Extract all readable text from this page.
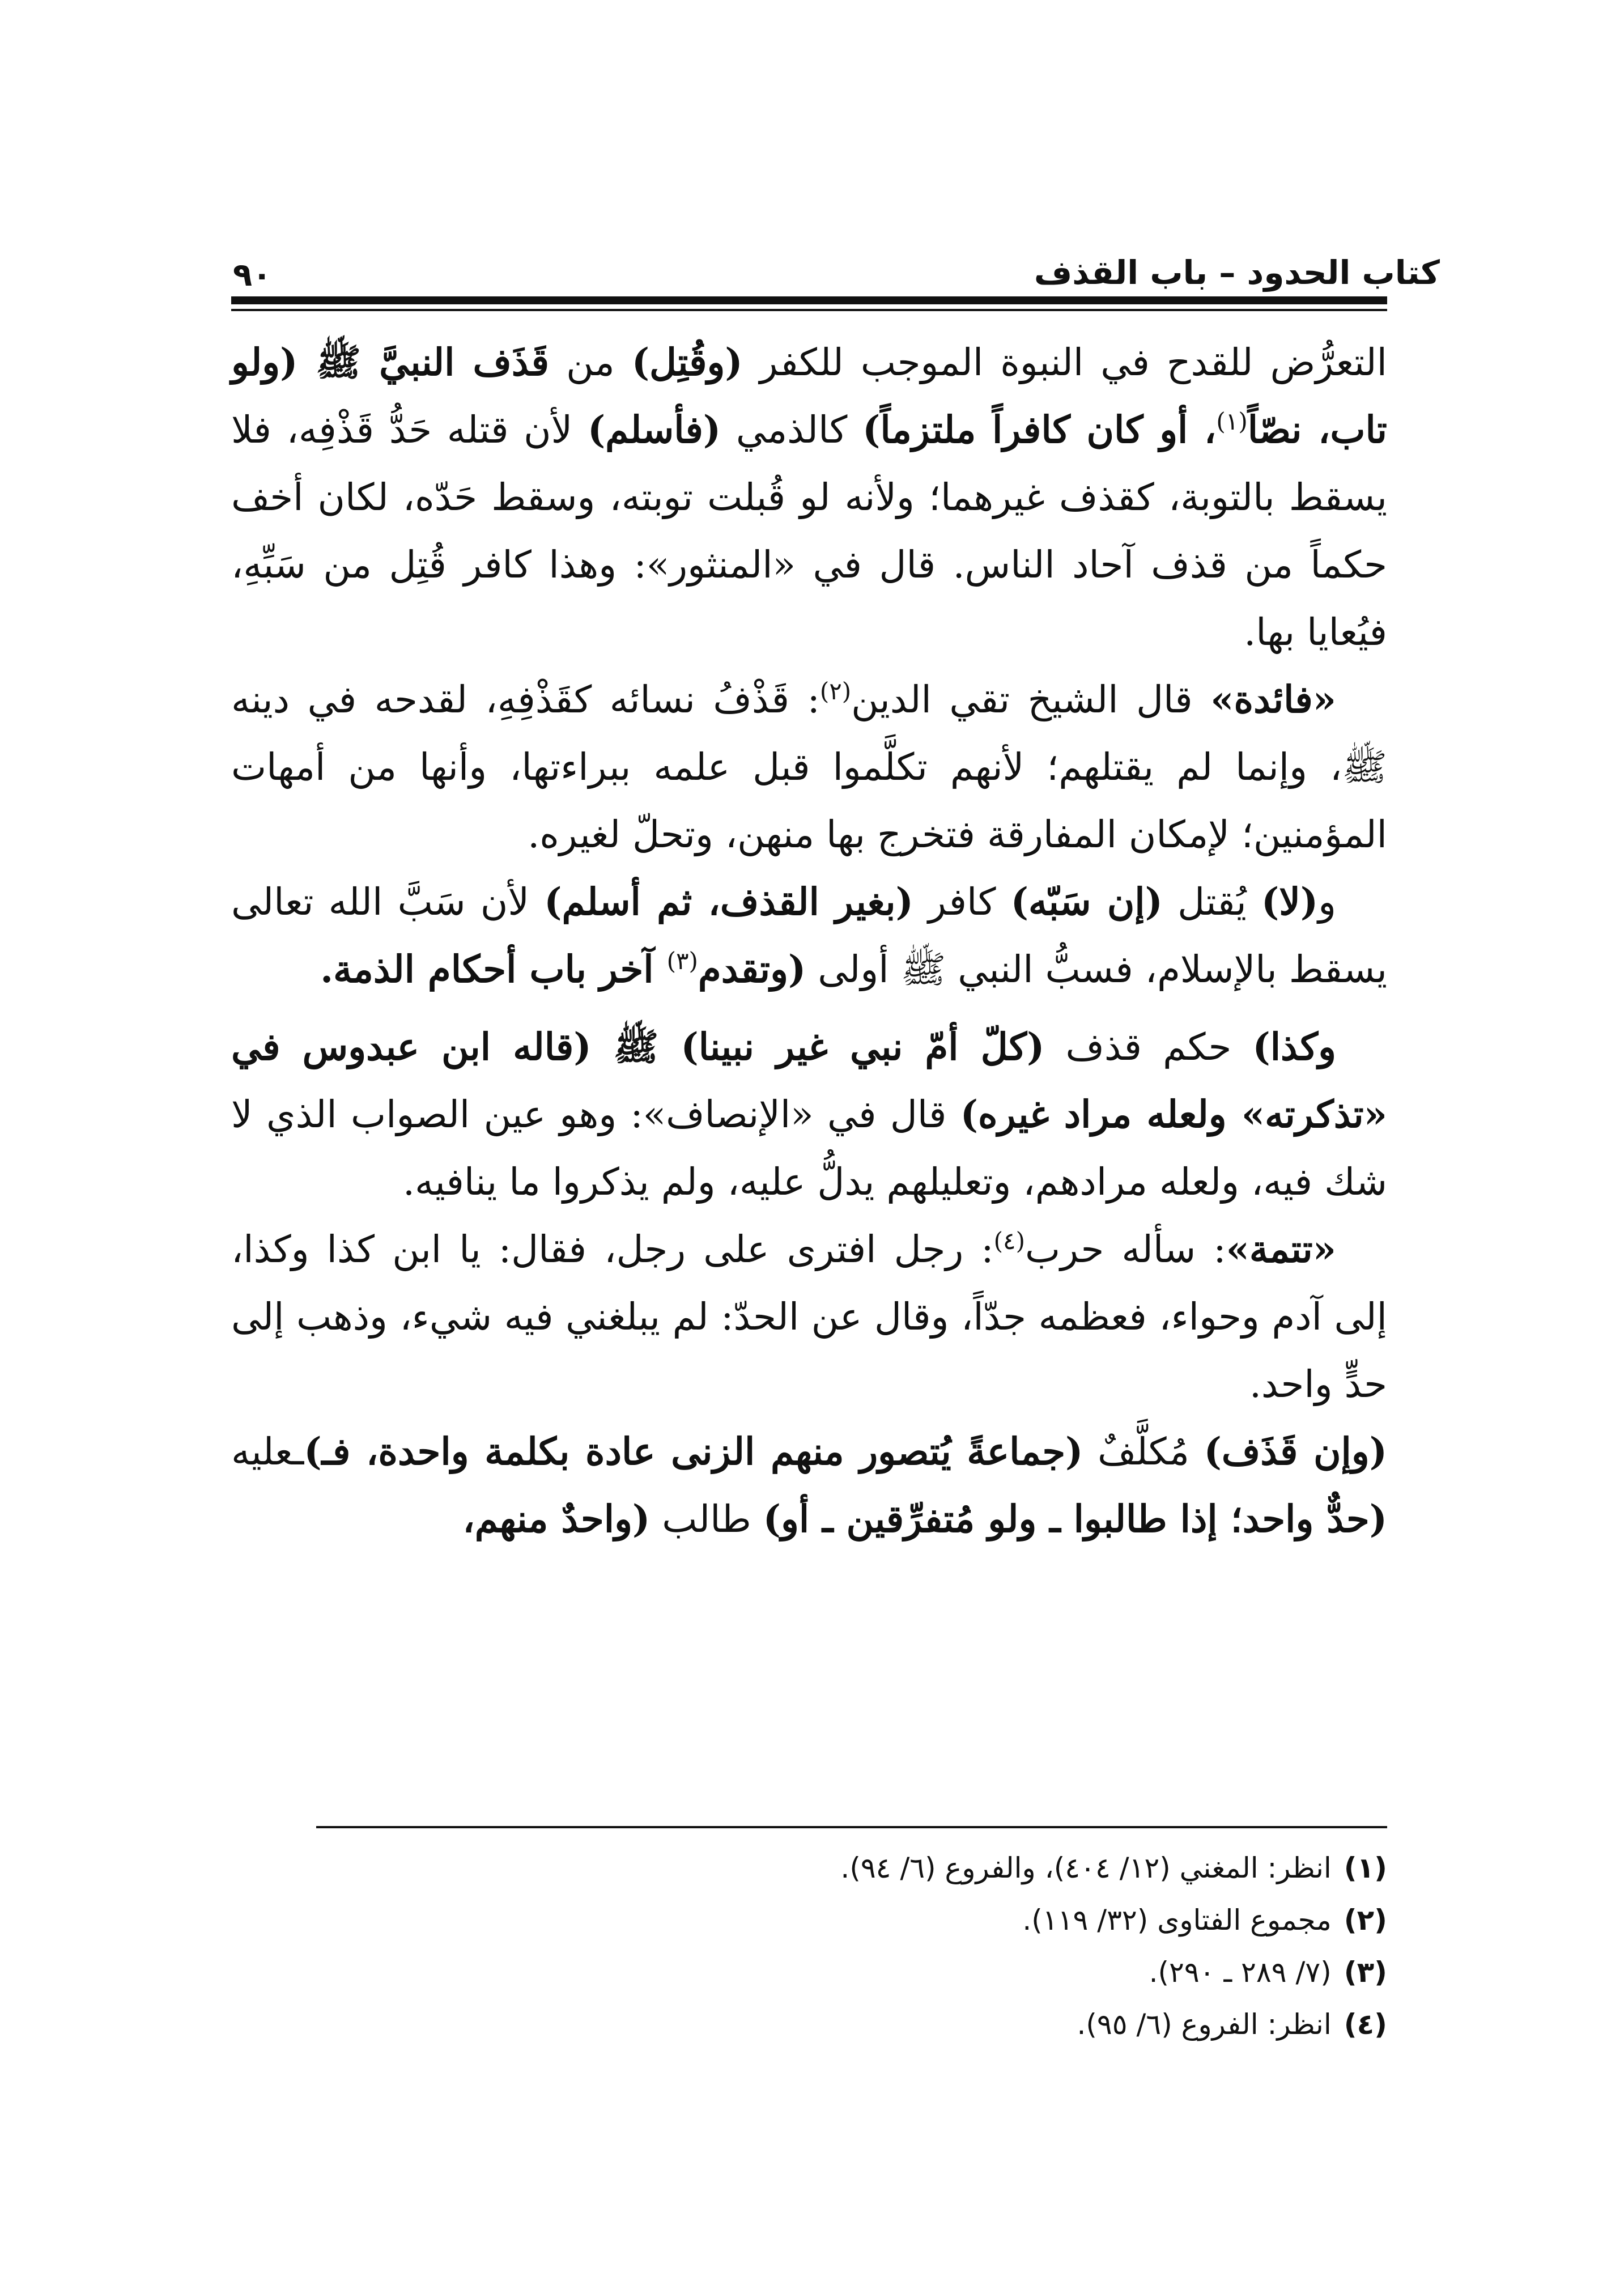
كتاب الحدود – باب القذف
٩٠

التعرُّض للقدح في النبوة الموجب للكفر (وقُتِل) من قَذَف النبيَّ ﷺ (ولو تاب، نصّاً$^{(١)}$، أو كان كافراً ملتزماً) كالذمي (فأسلم) لأن قتله حَدُّ قَذْفِه، فلا يسقط بالتوبة، كقذف غيرهما؛ ولأنه لو قُبلت توبته، وسقط حَدّه، لكان أخف حكماً من قذف آحاد الناس. قال في «المنثور»: وهذا كافر قُتِل من سَبِّهِ، فيُعايا بها.

«فائدة» قال الشيخ تقي الدين$^{(٢)}$: قَذْفُ نسائه كقَذْفِهِ، لقدحه في دينه ﷺ، وإنما لم يقتلهم؛ لأنهم تكلَّموا قبل علمه ببراءتها، وأنها من أمهات المؤمنين؛ لإمكان المفارقة فتخرج بها منهن، وتحلّ لغيره.

و(لا) يُقتل (إن سَبّه) كافر (بغير القذف، ثم أسلم) لأن سَبَّ الله تعالى يسقط بالإسلام، فسبُّ النبي ﷺ أولى (وتقدم$^{(٣)}$ آخر باب أحكام الذمة.

وكذا) حكم قذف (كلّ أمّ نبي غير نبينا) ﷺ (قاله ابن عبدوس في «تذكرته» ولعله مراد غيره) قال في «الإنصاف»: وهو عين الصواب الذي لا شك فيه، ولعله مرادهم، وتعليلهم يدلُّ عليه، ولم يذكروا ما ينافيه.

«تتمة»: سأله حرب$^{(٤)}$: رجل افترى على رجل، فقال: يا ابن كذا وكذا، إلى آدم وحواء، فعظمه جدّاً، وقال عن الحدّ: لم يبلغني فيه شيء، وذهب إلى حدٍّ واحد.

(وإن قَذَف) مُكلَّفٌ (جماعةً يُتصور منهم الزنى عادة بكلمة واحدة، فـ)ـعليه (حدٌّ واحد؛ إذا طالبوا ـ ولو مُتفرِّقين ـ أو) طالب (واحدٌ منهم،

(١)
انظر: المغني (١٢/ ٤٠٤)، والفروع (٦/ ٩٤).
(٢)
مجموع الفتاوى (٣٢/ ١١٩).
(٣)
(٧/ ٢٨٩ ـ ٢٩٠).
(٤)
انظر: الفروع (٦/ ٩٥).
